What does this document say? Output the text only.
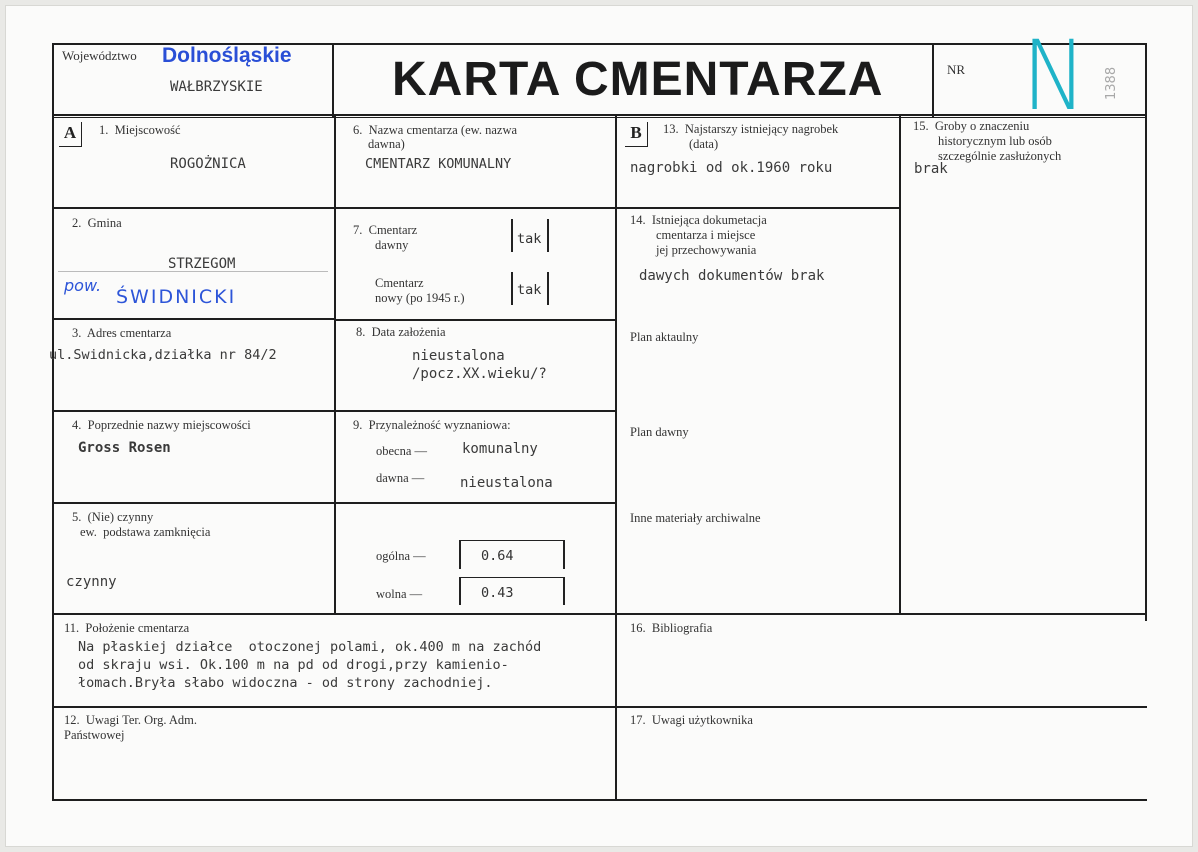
Województwo Dolnośląskie
WAŁBRZYSKIE	KARTA CMENTARZA	NR N 1388
A	B
1.  Miejscowość
ROGOŻNICA
2.  Gmina
STRZEGOM
pow.
ŚWIDNICKI
3.  Adres cmentarza
ul.Swidnicka,działka nr 84/2
4.  Poprzednie nazwy miejscowości
Gross Rosen
5.  (Nie) czynny
ew.  podstawa zamknięcia
czynny
6.  Nazwa cmentarza (ew. nazwa
dawna)
CMENTARZ KOMUNALNY
7.  Cmentarz
dawny	tak
Cmentarz
nowy (po 1945 r.)	tak
8.  Data założenia
nieustalona
/pocz.XX.wieku/?
9.  Przynależność wyznaniowa:
obecna — komunalny
dawna —	nieustalona
ogólna —	0.64
wolna —	0.43
11.  Położenie cmentarza
Na płaskiej działce  otoczonej polami, ok.400 m na zachód
od skraju wsi. Ok.100 m na pd od drogi,przy kamienio-
łomach.Bryła słabo widoczna - od strony zachodniej.
12.  Uwagi Ter. Org. Adm.
Państwowej
13.  Najstarszy istniejący nagrobek
(data)
nagrobki od ok.1960 roku
14.  Istniejąca dokumetacja
cmentarza i miejsce
jej przechowywania
dawych dokumentów brak
Plan aktaulny
Plan dawny
Inne materiały archiwalne
15.  Groby o znaczeniu
historycznym lub osób
szczególnie zasłużonych
brak
16.  Bibliografia
17.  Uwagi użytkownika
